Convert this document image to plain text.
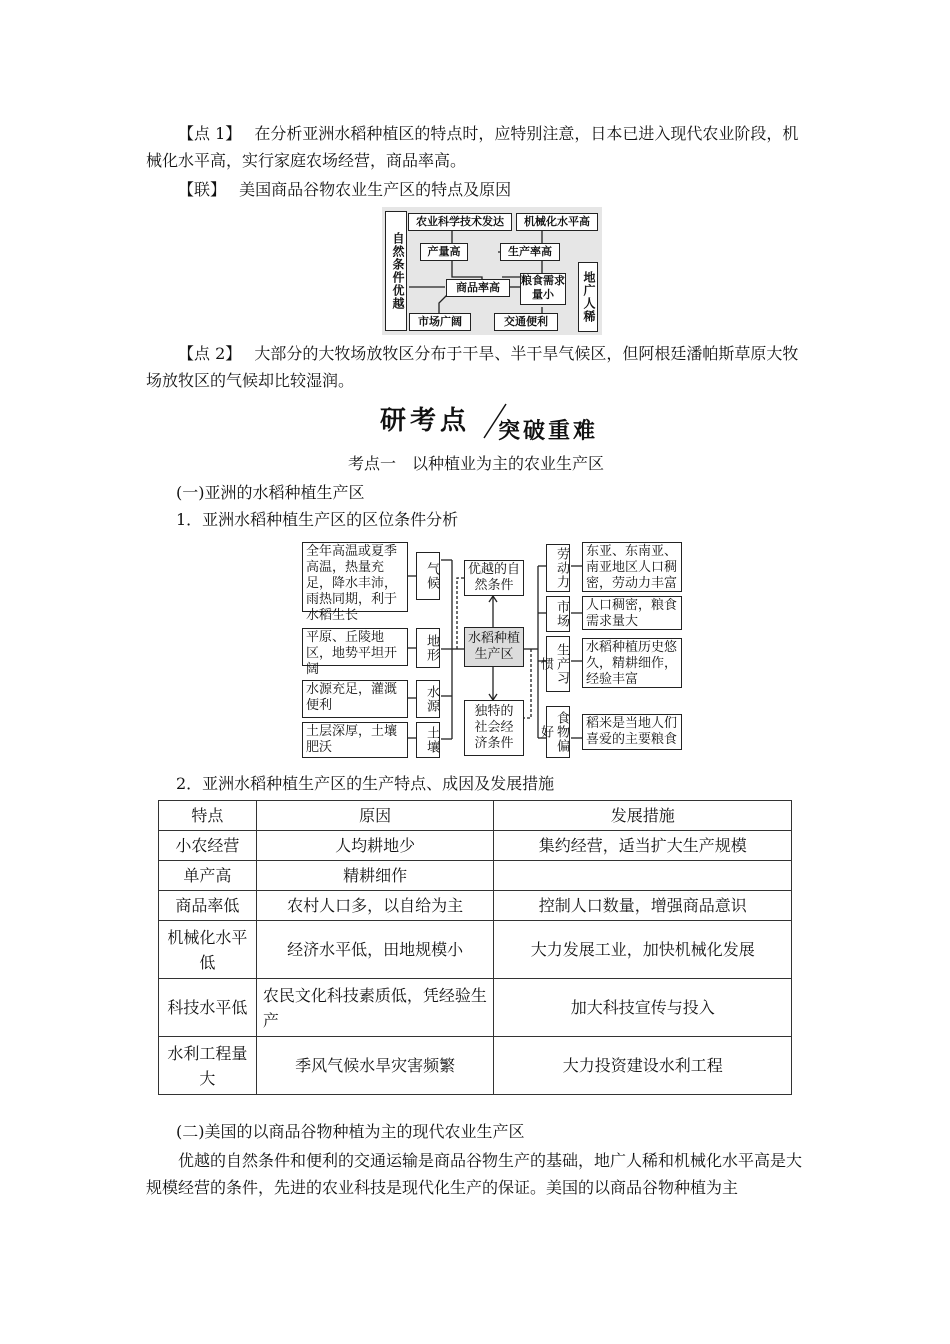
【点 1】　 在分析亚洲水稻种植区的特点时，应特别注意，日本已进入现代农业阶段，机械化水平高，实行家庭农场经营，商品率高。
【联】　 美国商品谷物农业生产区的特点及原因
自然条件优越	地广人稀
农业科学技术发达	机械化水平高
产量高	生产率高
商品率高
粮食需求量小
市场广阔	交通便利
【点 2】　 大部分的大牧场放牧区分布于干旱、半干旱气候区，但阿根廷潘帕斯草原大牧场放牧区的气候却比较湿润。
研考点 突破重难
考点一　以种植业为主的农业生产区
(一)亚洲的水稻种植生产区
1．亚洲水稻种植生产区的区位条件分析
全年高温或夏季高温，热量充足，降水丰沛，雨热同期，利于水稻生长
气候
平原、丘陵地区，地势平坦开阔
地形
水源充足，灌溉便利	水源
土层深厚，土壤肥沃	土壤
优越的自然条件
水稻种植生产区
独特的社会经济条件
劳动力	东亚、东南亚、南亚地区人口稠密，劳动力丰富
市场	人口稠密，粮食需求量大
生产习惯
水稻种植历史悠久，精耕细作，经验丰富
食物偏好
稻米是当地人们喜爱的主要粮食
2．亚洲水稻种植生产区的生产特点、成因及发展措施
特点	原因	发展措施
小农经营	人均耕地少	集约经营，适当扩大生产规模
单产高	精耕细作	
商品率低	农村人口多，以自给为主	控制人口数量，增强商品意识
机械化水平低	经济水平低，田地规模小	大力发展工业，加快机械化发展
科技水平低	农民文化科技素质低，凭经验生产	加大科技宣传与投入
水利工程量大	季风气候水旱灾害频繁	大力投资建设水利工程
(二)美国的以商品谷物种植为主的现代农业生产区
优越的自然条件和便利的交通运输是商品谷物生产的基础，地广人稀和机械化水平高是大规模经营的条件，先进的农业科技是现代化生产的保证。美国的以商品谷物种植为主
